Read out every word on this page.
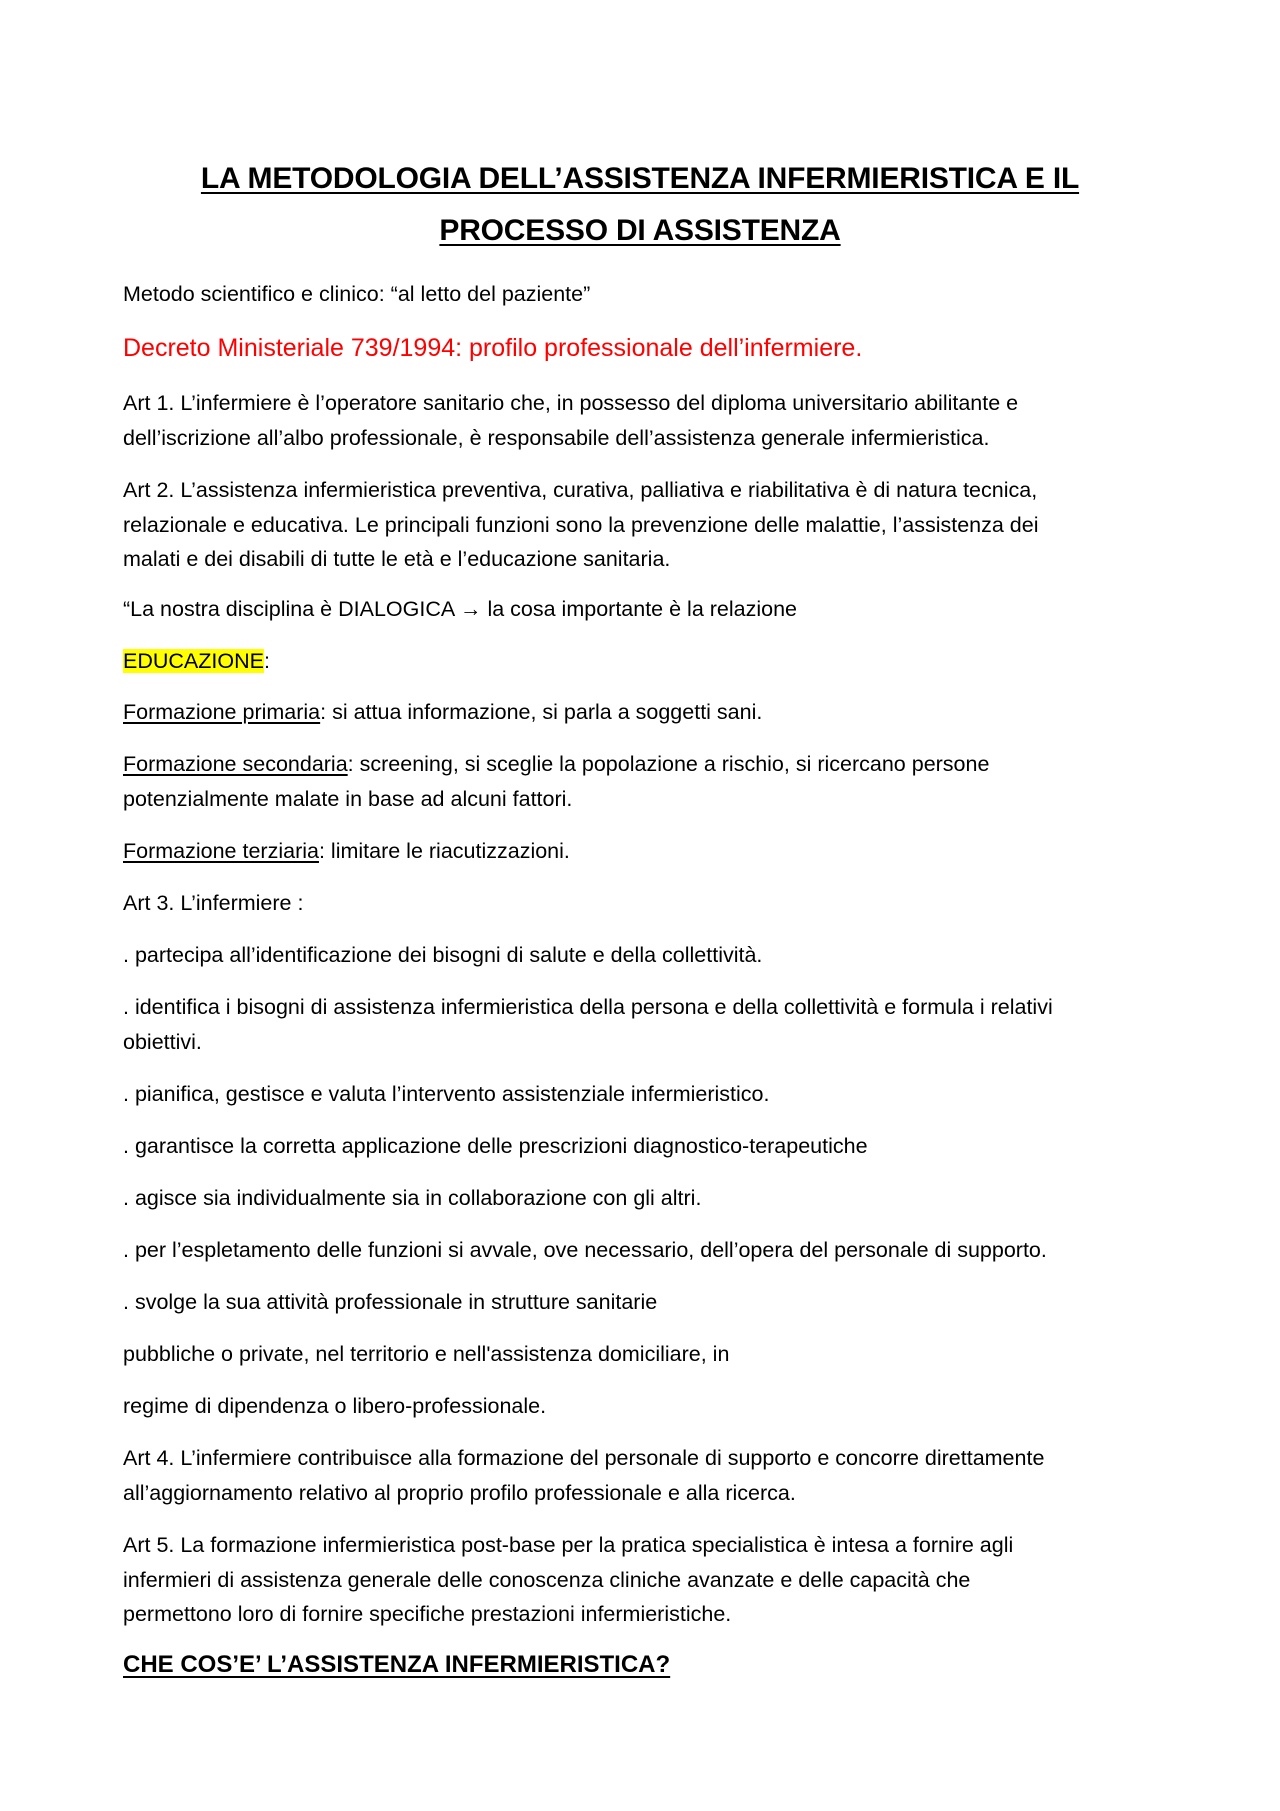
LA METODOLOGIA DELL’ASSISTENZA INFERMIERISTICA E IL
PROCESSO DI ASSISTENZA

Metodo scientifico e clinico: “al letto del paziente”

Decreto Ministeriale 739/1994: profilo professionale dell’infermiere.

Art 1. L’infermiere è l’operatore sanitario che, in possesso del diploma universitario abilitante e
dell’iscrizione all’albo professionale, è responsabile dell’assistenza generale infermieristica.

Art 2. L’assistenza infermieristica preventiva, curativa, palliativa e riabilitativa è di natura tecnica,
relazionale e educativa. Le principali funzioni sono la prevenzione delle malattie, l’assistenza dei
malati e dei disabili di tutte le età e l’educazione sanitaria.

“La nostra disciplina è DIALOGICA → la cosa importante è la relazione

EDUCAZIONE:

Formazione primaria: si attua informazione, si parla a soggetti sani.

Formazione secondaria: screening, si sceglie la popolazione a rischio, si ricercano persone
potenzialmente malate in base ad alcuni fattori.

Formazione terziaria: limitare le riacutizzazioni.

Art 3. L’infermiere :

. partecipa all’identificazione dei bisogni di salute e della collettività.

. identifica i bisogni di assistenza infermieristica della persona e della collettività e formula i relativi
obiettivi.

. pianifica, gestisce e valuta l’intervento assistenziale infermieristico.

. garantisce la corretta applicazione delle prescrizioni diagnostico-terapeutiche

. agisce sia individualmente sia in collaborazione con gli altri.

. per l’espletamento delle funzioni si avvale, ove necessario, dell’opera del personale di supporto.

. svolge la sua attività professionale in strutture sanitarie

pubbliche o private, nel territorio e nell'assistenza domiciliare, in

regime di dipendenza o libero-professionale.

Art 4. L’infermiere contribuisce alla formazione del personale di supporto e concorre direttamente
all’aggiornamento relativo al proprio profilo professionale e alla ricerca.

Art 5. La formazione infermieristica post-base per la pratica specialistica è intesa a fornire agli
infermieri di assistenza generale delle conoscenza cliniche avanzate e delle capacità che
permettono loro di fornire specifiche prestazioni infermieristiche.

CHE COS’E’ L’ASSISTENZA INFERMIERISTICA?
